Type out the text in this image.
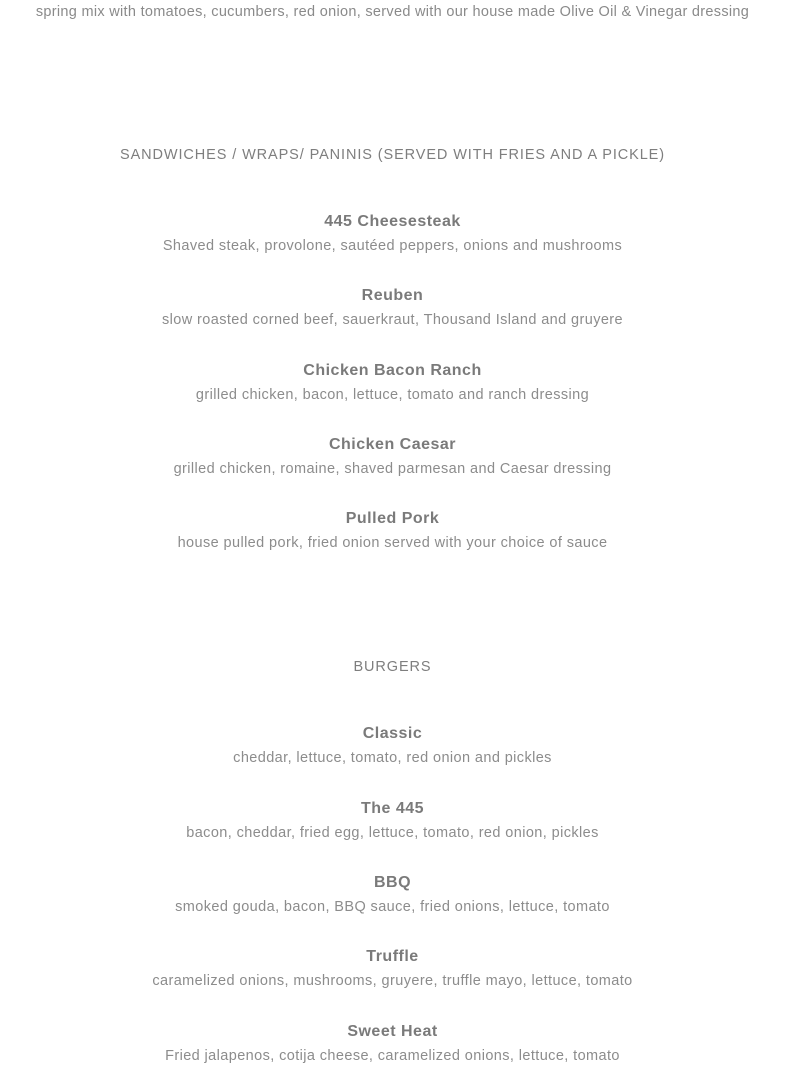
spring mix with tomatoes, cucumbers, red onion, served with our house made Olive Oil & Vinegar dressing
SANDWICHES / WRAPS/ PANINIS (SERVED WITH FRIES AND A PICKLE)
445 Cheesesteak
Shaved steak, provolone, sautéed peppers, onions and mushrooms
Reuben
slow roasted corned beef, sauerkraut, Thousand Island and gruyere
Chicken Bacon Ranch
grilled chicken, bacon, lettuce, tomato and ranch dressing
Chicken Caesar
grilled chicken, romaine, shaved parmesan and Caesar dressing
Pulled Pork
house pulled pork, fried onion served with your choice of sauce
BURGERS
Classic
cheddar, lettuce, tomato, red onion and pickles
The 445
bacon, cheddar, fried egg, lettuce, tomato, red onion, pickles
BBQ
smoked gouda, bacon, BBQ sauce, fried onions, lettuce, tomato
Truffle
caramelized onions, mushrooms, gruyere, truffle mayo, lettuce, tomato
Sweet Heat
Fried jalapenos, cotija cheese, caramelized onions, lettuce, tomato
